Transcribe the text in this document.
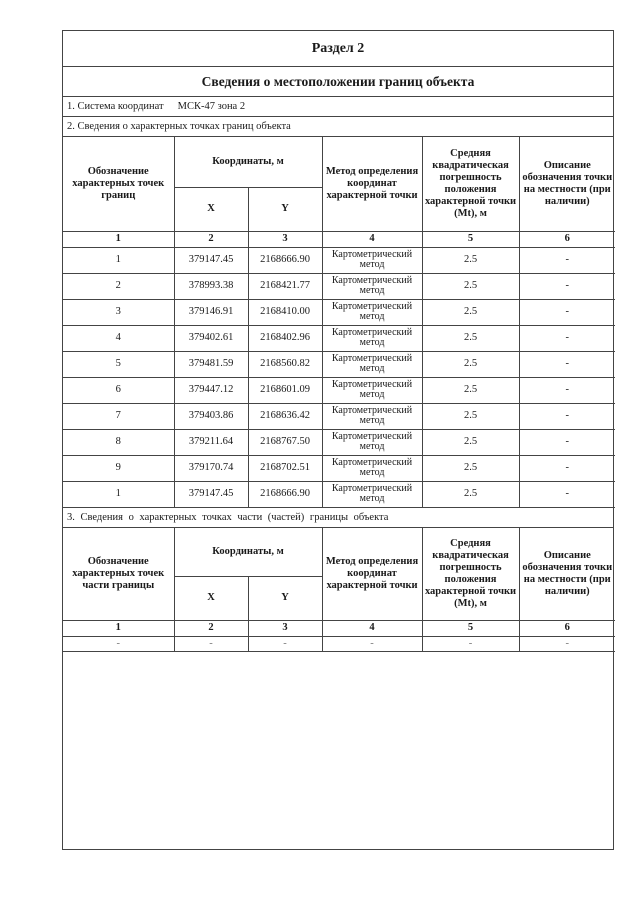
Раздел 2
Сведения о местоположении границ объекта
1. Система координат МСК-47 зона 2
2. Сведения о характерных точках границ объекта
Обозначение характерных точек границ	Координаты, м		Метод определения координат характерной точки	Средняя квадратическая погрешность положения характерной точки (Mt), м	Описание обозначения точки на местности (при наличии)
	X	Y			
1	2	3	4	5	6
1	379147.45	2168666.90	Картометрический метод	2.5	-
2	378993.38	2168421.77	Картометрический метод	2.5	-
3	379146.91	2168410.00	Картометрический метод	2.5	-
4	379402.61	2168402.96	Картометрический метод	2.5	-
5	379481.59	2168560.82	Картометрический метод	2.5	-
6	379447.12	2168601.09	Картометрический метод	2.5	-
7	379403.86	2168636.42	Картометрический метод	2.5	-
8	379211.64	2168767.50	Картометрический метод	2.5	-
9	379170.74	2168702.51	Картометрический метод	2.5	-
1	379147.45	2168666.90	Картометрический метод	2.5	-
3. Сведения о характерных точках части (частей) границы объекта
Обозначение характерных точек части границы	Координаты, м		Метод определения координат характерной точки	Средняя квадратическая погрешность положения характерной точки (Mt), м	Описание обозначения точки на местности (при наличии)
	X	Y			
1	2	3	4	5	6
-	-	-	-	-	-
